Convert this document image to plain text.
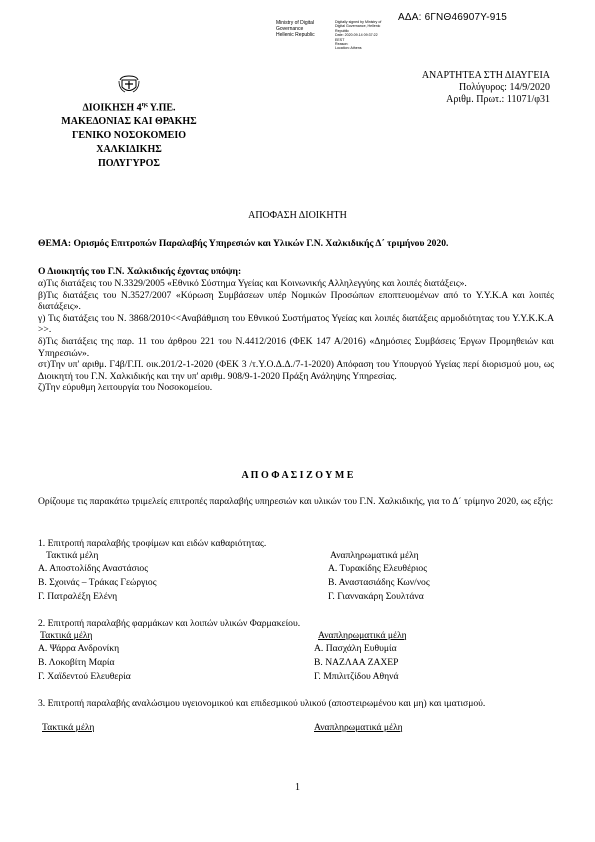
ΑΔΑ: 6ΓΝΘ46907Υ-915
Ministry of Digital
Governance
Hellenic Republic
Digitally signed by Ministry of
Digital Governance, Hellenic
Republic
Date: 2020.09.14 09:37:22
EEST
Reason:
Location: Athens
ΔΙΟΙΚΗΣΗ $4^{\eta\varsigma}$ Υ.ΠΕ.
ΜΑΚΕΔΟΝΙΑΣ ΚΑΙ ΘΡΑΚΗΣ
ΓΕΝΙΚΟ ΝΟΣΟΚΟΜΕΙΟ ΧΑΛΚΙΔΙΚΗΣ
ΠΟΛΥΓΥΡΟΣ
ΑΝΑΡΤΗΤΕΑ ΣΤΗ ΔΙΑΥΓΕΙΑ
Πολύγυρος: 14/9/2020
Αριθμ. Πρωτ.: 11071/φ31
ΑΠΟΦΑΣΗ ΔΙΟΙΚΗΤΗ
ΘΕΜΑ: Ορισμός Επιτροπών Παραλαβής Υπηρεσιών και Υλικών Γ.Ν. Χαλκιδικής Δ΄ τριμήνου 2020.
Ο Διοικητής του Γ.Ν. Χαλκιδικής έχοντας υπόψη:
α)Τις διατάξεις του Ν.3329/2005 «Εθνικό Σύστημα Υγείας και Κοινωνικής Αλληλεγγύης και λοιπές διατάξεις».
β)Τις διατάξεις του Ν.3527/2007 «Κύρωση Συμβάσεων υπέρ Νομικών Προσώπων εποπτευομένων από το Υ.Υ.Κ.Α και λοιπές διατάξεις».
γ) Τις διατάξεις του Ν. 3868/2010<<Αναβάθμιση του Εθνικού Συστήματος Υγείας και λοιπές διατάξεις αρμοδιότητας του Υ.Υ.Κ.Κ.Α >>.
δ)Τις διατάξεις της παρ. 11 του άρθρου 221 του Ν.4412/2016 (ΦΕΚ 147 Α/2016) «Δημόσιες Συμβάσεις Έργων Προμηθειών και Υπηρεσιών».
στ)Την υπ' αριθμ. Γ4β/Γ.Π. οικ.201/2-1-2020 (ΦΕΚ 3 /τ.Υ.Ο.Δ.Δ./7-1-2020) Απόφαση του Υπουργού Υγείας περί διορισμού μου, ως Διοικητή του Γ.Ν. Χαλκιδικής και την υπ' αριθμ. 908/9-1-2020 Πράξη Ανάληψης Υπηρεσίας.
ζ)Την εύρυθμη λειτουργία του Νοσοκομείου.
Α Π Ο Φ Α Σ Ι Ζ Ο Υ Μ Ε
Ορίζουμε τις παρακάτω τριμελείς επιτροπές παραλαβής υπηρεσιών και υλικών του Γ.Ν. Χαλκιδικής, για το Δ΄ τρίμηνο 2020, ως εξής:
1. Επιτροπή παραλαβής τροφίμων και ειδών καθαριότητας.
Τακτικά μέλη	Αναπληρωματικά μέλη
Α. Αποστολίδης Αναστάσιος	Α. Τυρακίδης Ελευθέριος
Β. Σχοινάς – Τράκας Γεώργιος	Β. Αναστασιάδης Κων/νος
Γ. Πατραλέξη Ελένη	Γ. Γιαννακάρη Σουλτάνα
2. Επιτροπή παραλαβής φαρμάκων και λοιπών υλικών Φαρμακείου.
Τακτικά μέλη	Αναπληρωματικά μέλη
Α. Ψάρρα Ανδρονίκη	Α. Πασχάλη Ευθυμία
Β. Λοκοβίτη Μαρία	Β. ΝΑΖΛΑΑ ΖΑΧΕΡ
Γ. Χαϊδεντού Ελευθερία	Γ. Μπιλιτζίδου Αθηνά
3. Επιτροπή παραλαβής αναλώσιμου υγειονομικού και επιδεσμικού υλικού (αποστειρωμένου και μη) και ιματισμού.
Τακτικά μέλη	Αναπληρωματικά μέλη
1
